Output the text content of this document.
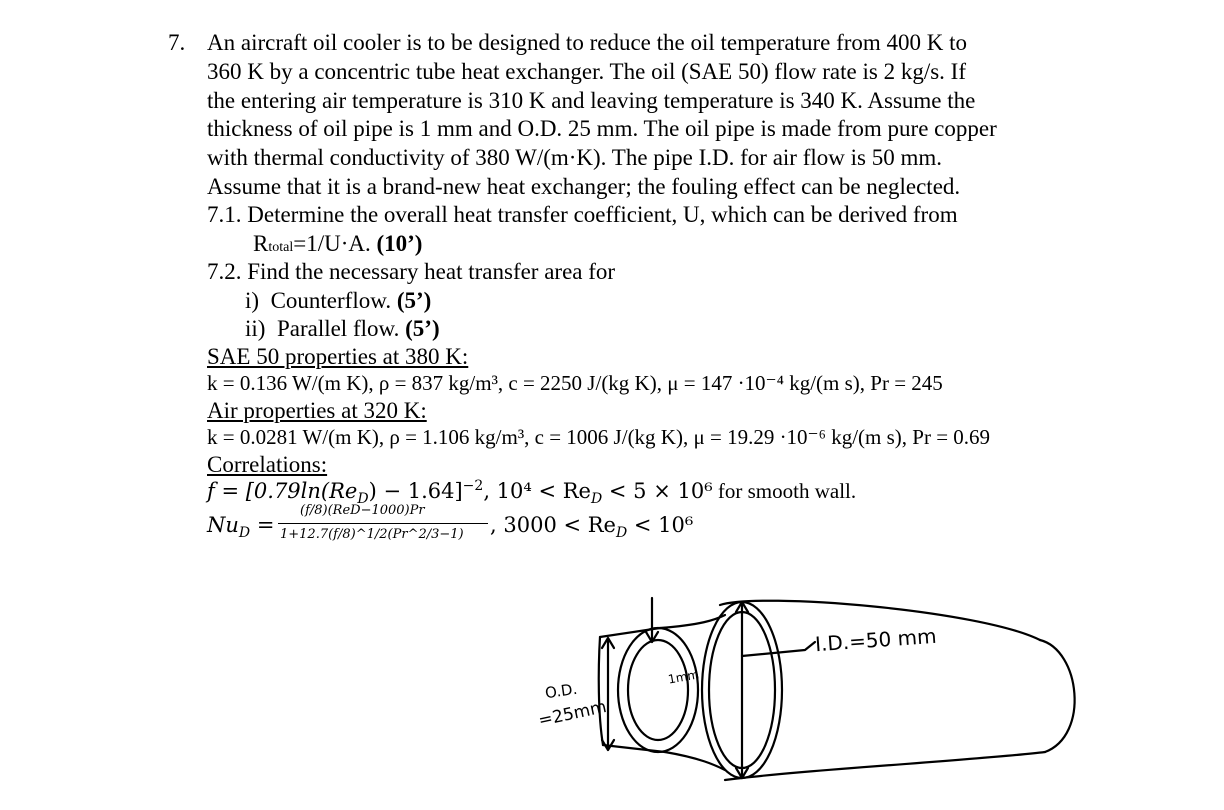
7. An aircraft oil cooler is to be designed to reduce the oil temperature from 400 K to
360 K by a concentric tube heat exchanger. The oil (SAE 50) flow rate is 2 kg/s. If
the entering air temperature is 310 K and leaving temperature is 340 K. Assume the
thickness of oil pipe is 1 mm and O.D. 25 mm. The oil pipe is made from pure copper
with thermal conductivity of 380 W/(m·K). The pipe I.D. for air flow is 50 mm.
Assume that it is a brand-new heat exchanger; the fouling effect can be neglected.
7.1. Determine the overall heat transfer coefficient, U, which can be derived from
Rtotal=1/U·A. (10’)
7.2. Find the necessary heat transfer area for
i) Counterflow. (5’)
ii) Parallel flow. (5’)
SAE 50 properties at 380 K:
k = 0.136 W/(m K), ρ = 837 kg/m³, c = 2250 J/(kg K), μ = 147 ·10⁻⁴ kg/(m s), Pr = 245
Air properties at 320 K:
k = 0.0281 W/(m K), ρ = 1.106 kg/m³, c = 1006 J/(kg K), μ = 19.29 ·10⁻⁶ kg/(m s), Pr = 0.69
Correlations:
$f = [0.79\ln(Re_D) - 1.64]^{-2}$, $10^4 < Re_D < 5 \times 10^6$ for smooth wall.
$Nu_D$ =
(f/8)(ReD−1000)Pr
1+12.7(f/8)^1/2(Pr^2/3−1) , $3000 < Re_D < 10^6$
O.D.
=25mm
1mm
I.D.=50 mm
